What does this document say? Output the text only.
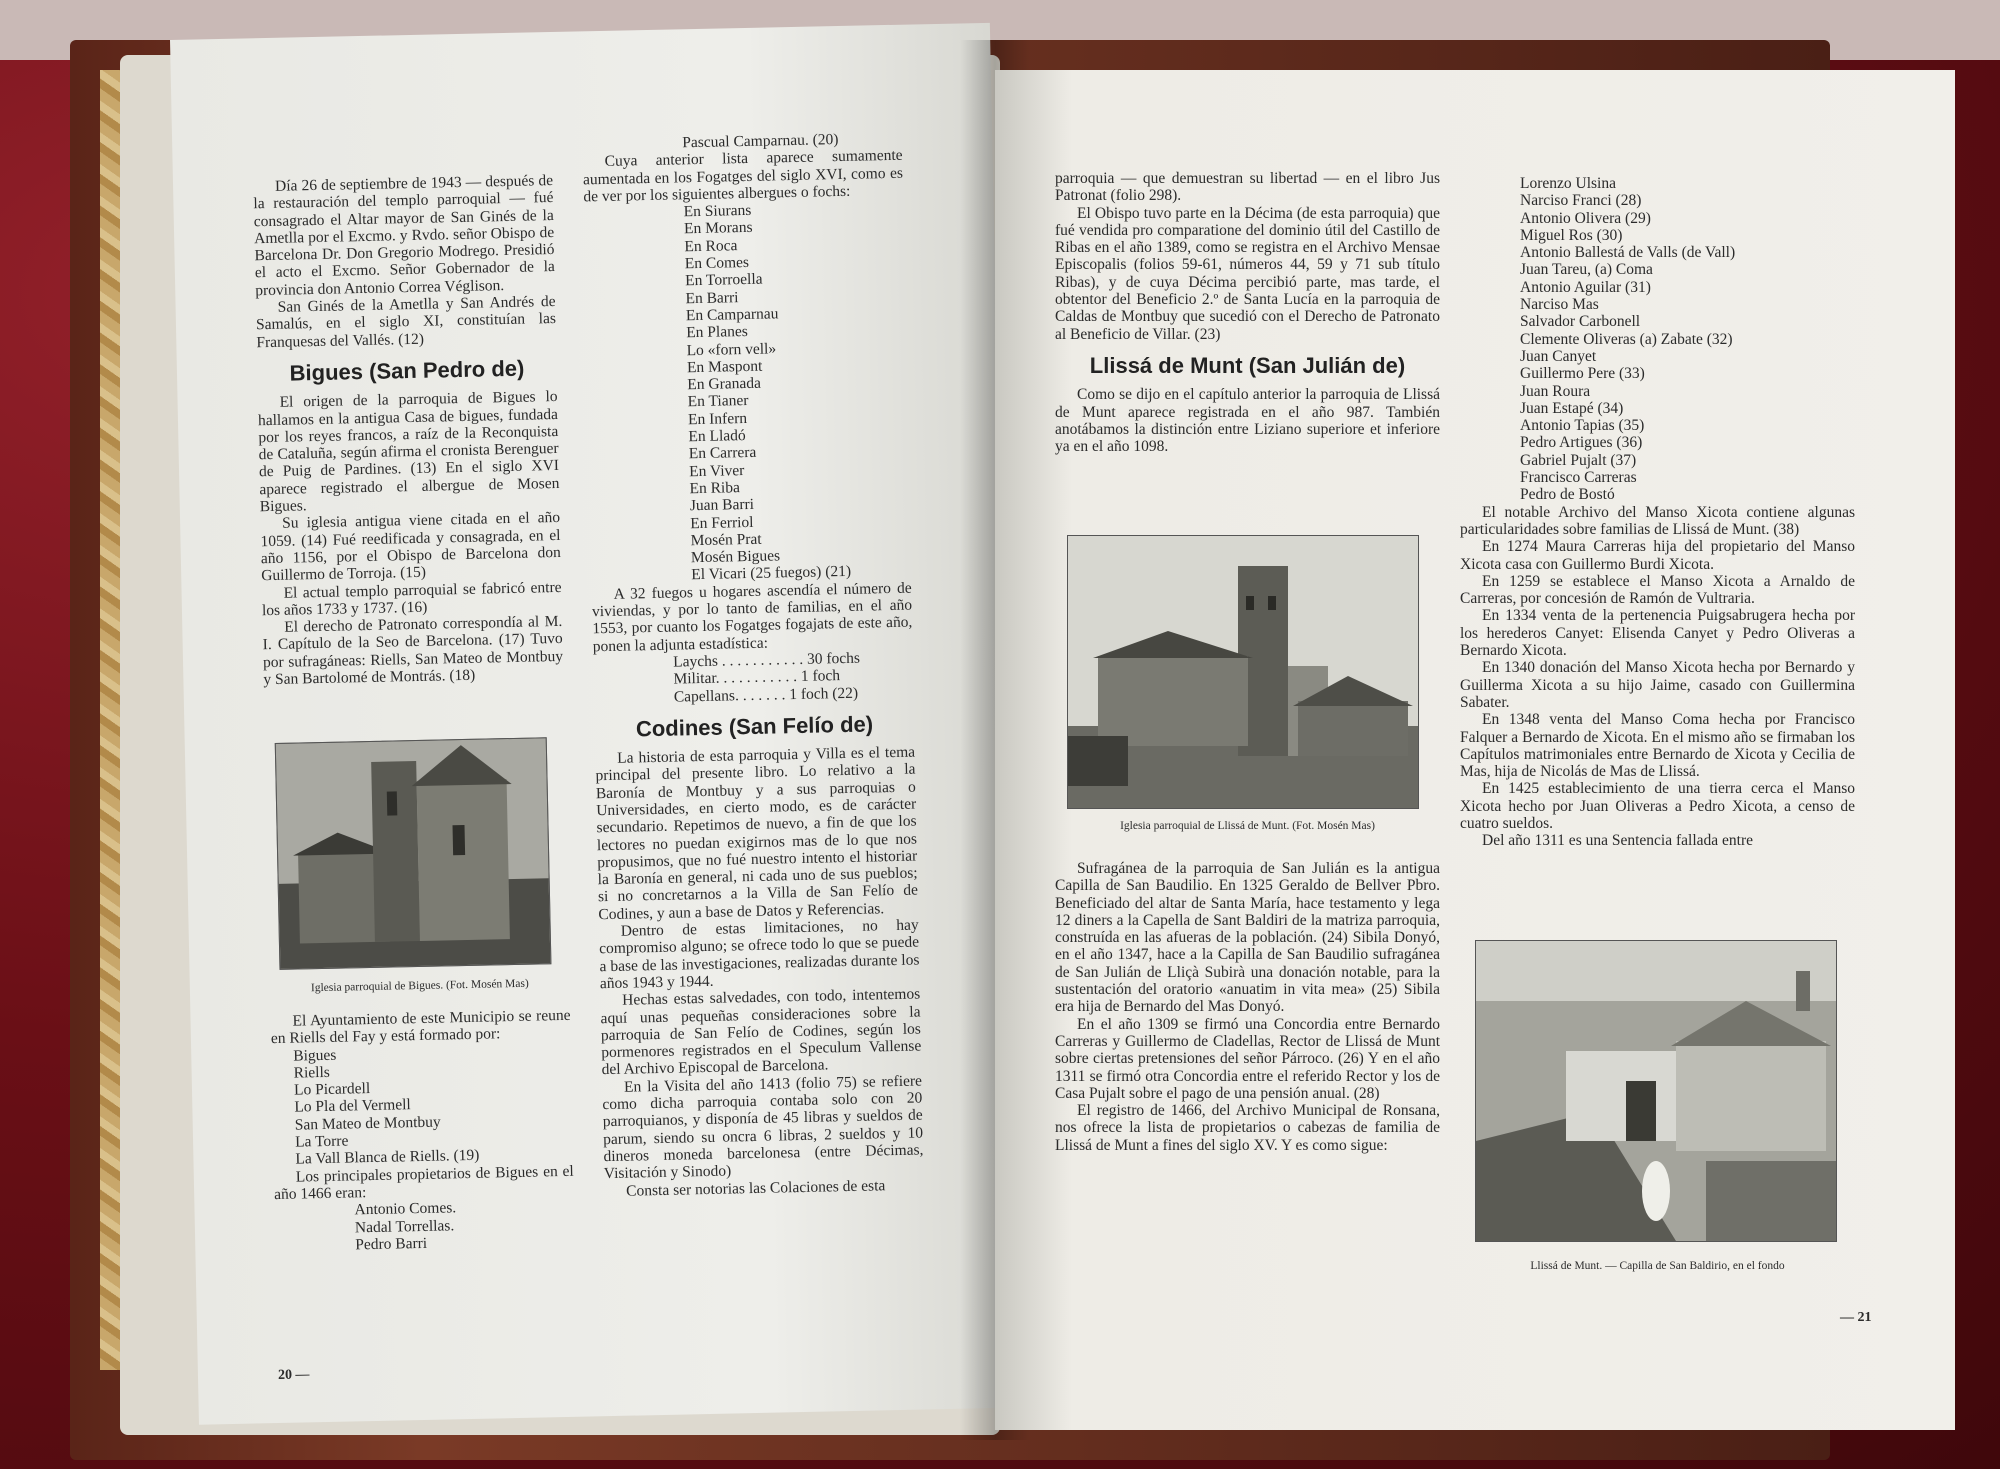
Día 26 de septiembre de 1943 — después de la restauración del templo parroquial — fué consagrado el Altar mayor de San Ginés de la Ametlla por el Excmo. y Rvdo. señor Obispo de Barcelona Dr. Don Gregorio Modrego. Presidió el acto el Excmo. Señor Gobernador de la provincia don Antonio Correa Véglison.

San Ginés de la Ametlla y San Andrés de Samalús, en el siglo XI, constituían las Franquesas del Vallés. (12)

Bigues (San Pedro de)

El origen de la parroquia de Bigues lo hallamos en la antigua Casa de bigues, fundada por los reyes francos, a raíz de la Reconquista de Cataluña, según afirma el cronista Berenguer de Puig de Pardines. (13) En el siglo XVI aparece registrado el albergue de Mosen Bigues.

Su iglesia antigua viene citada en el año 1059. (14) Fué reedificada y consagrada, en el año 1156, por el Obispo de Barcelona don Guillermo de Torroja. (15)

El actual templo parroquial se fabricó entre los años 1733 y 1737. (16)

El derecho de Patronato correspondía al M. I. Capítulo de la Seo de Barcelona. (17) Tuvo por sufragáneas: Riells, San Mateo de Montbuy y San Bartolomé de Montrás. (18)

Iglesia parroquial de Bigues. (Fot. Mosén Mas)

El Ayuntamiento de este Municipio se reune en Riells del Fay y está formado por:

Bigues
Riells
Lo Picardell
Lo Pla del Vermell
San Mateo de Montbuy
La Torre
La Vall Blanca de Riells. (19)

Los principales propietarios de Bigues en el año 1466 eran:

Antonio Comes.
Nadal Torrellas.
Pedro Barri
20 —
Pascual Camparnau. (20)

Cuya anterior lista aparece sumamente aumentada en los Fogatges del siglo XVI, como es de ver por los siguientes albergues o fochs:

En Siurans
En Morans
En Roca
En Comes
En Torroella
En Barri
En Camparnau
En Planes
Lo «forn vell»
En Maspont
En Granada
En Tianer
En Infern
En Lladó
En Carrera
En Viver
En Riba
Juan Barri
En Ferriol
Mosén Prat
Mosén Bigues
El Vicari (25 fuegos) (21)

A 32 fuegos u hogares ascendía el número de viviendas, y por lo tanto de familias, en el año 1553, por cuanto los Fogatges fogajats de este año, ponen la adjunta estadística:

Laychs . . . . . . . . . . . 30 fochs
Militar. . . . . . . . . . . 1 foch
Capellans. . . . . . . 1 foch (22)
Codines (San Felío de)

La historia de esta parroquia y Villa es el tema principal del presente libro. Lo relativo a la Baronía de Montbuy y a sus parroquias o Universidades, en cierto modo, es de carácter secundario. Repetimos de nuevo, a fin de que los lectores no puedan exigirnos mas de lo que nos propusimos, que no fué nuestro intento el historiar la Baronía en general, ni cada uno de sus pueblos; si no concretarnos a la Villa de San Felío de Codines, y aun a base de Datos y Referencias.

Dentro de estas limitaciones, no hay compromiso alguno; se ofrece todo lo que se puede a base de las investigaciones, realizadas durante los años 1943 y 1944.

Hechas estas salvedades, con todo, intentemos aquí unas pequeñas consideraciones sobre la parroquia de San Felío de Codines, según los pormenores registrados en el Speculum Vallense del Archivo Episcopal de Barcelona.

En la Visita del año 1413 (folio 75) se refiere como dicha parroquia contaba solo con 20 parroquianos, y disponía de 45 libras y sueldos de parum, siendo su oncra 6 libras, 2 sueldos y 10 dineros moneda barcelonesa (entre Décimas, Visitación y Sinodo)

Consta ser notorias las Colaciones de esta

parroquia — que demuestran su libertad — en el libro Jus Patronat (folio 298).

El Obispo tuvo parte en la Décima (de esta parroquia) que fué vendida pro comparatione del dominio útil del Castillo de Ribas en el año 1389, como se registra en el Archivo Mensae Episcopalis (folios 59-61, números 44, 59 y 71 sub título Ribas), y de cuya Décima percibió parte, mas tarde, el obtentor del Beneficio 2.º de Santa Lucía en la parroquia de Caldas de Montbuy que sucedió con el Derecho de Patronato al Beneficio de Villar. (23)

Llissá de Munt (San Julián de)

Como se dijo en el capítulo anterior la parroquia de Llissá de Munt aparece registrada en el año 987. También anotábamos la distinción entre Liziano superiore et inferiore ya en el año 1098.

Iglesia parroquial de Llissá de Munt. (Fot. Mosén Mas)

Sufragánea de la parroquia de San Julián es la antigua Capilla de San Baudilio. En 1325 Geraldo de Bellver Pbro. Beneficiado del altar de Santa María, hace testamento y lega 12 diners a la Capella de Sant Baldiri de la matriza parroquia, construída en las afueras de la población. (24) Sibila Donyó, en el año 1347, hace a la Capilla de San Baudilio sufragánea de San Julián de Lliçà Subirà una donación notable, para la sustentación del oratorio «anuatim in vita mea» (25) Sibila era hija de Bernardo del Mas Donyó.

En el año 1309 se firmó una Concordia entre Bernardo Carreras y Guillermo de Cladellas, Rector de Llissá de Munt sobre ciertas pretensiones del señor Párroco. (26) Y en el año 1311 se firmó otra Concordia entre el referido Rector y los de Casa Pujalt sobre el pago de una pensión anual. (28)

El registro de 1466, del Archivo Municipal de Ronsana, nos ofrece la lista de propietarios o cabezas de familia de Llissá de Munt a fines del siglo XV. Y es como sigue:

Lorenzo Ulsina
Narciso Franci (28)
Antonio Olivera (29)
Miguel Ros (30)
Antonio Ballestá de Valls (de Vall)
Juan Tareu, (a) Coma
Antonio Aguilar (31)
Narciso Mas
Salvador Carbonell
Clemente Oliveras (a) Zabate (32)
Juan Canyet
Guillermo Pere (33)
Juan Roura
Juan Estapé (34)
Antonio Tapias (35)
Pedro Artigues (36)
Gabriel Pujalt (37)
Francisco Carreras
Pedro de Bostó

El notable Archivo del Manso Xicota contiene algunas particularidades sobre familias de Llissá de Munt. (38)

En 1274 Maura Carreras hija del propietario del Manso Xicota casa con Guillermo Burdi Xicota.

En 1259 se establece el Manso Xicota a Arnaldo de Carreras, por concesión de Ramón de Vultraria.

En 1334 venta de la pertenencia Puigsabrugera hecha por los herederos Canyet: Elisenda Canyet y Pedro Oliveras a Bernardo Xicota.

En 1340 donación del Manso Xicota hecha por Bernardo y Guillerma Xicota a su hijo Jaime, casado con Guillermina Sabater.

En 1348 venta del Manso Coma hecha por Francisco Falquer a Bernardo de Xicota. En el mismo año se firmaban los Capítulos matrimoniales entre Bernardo de Xicota y Cecilia de Mas, hija de Nicolás de Mas de Llissá.

En 1425 establecimiento de una tierra cerca el Manso Xicota hecho por Juan Oliveras a Pedro Xicota, a censo de cuatro sueldos.

Del año 1311 es una Sentencia fallada entre

Llissá de Munt. — Capilla de San Baldirio, en el fondo
— 21
